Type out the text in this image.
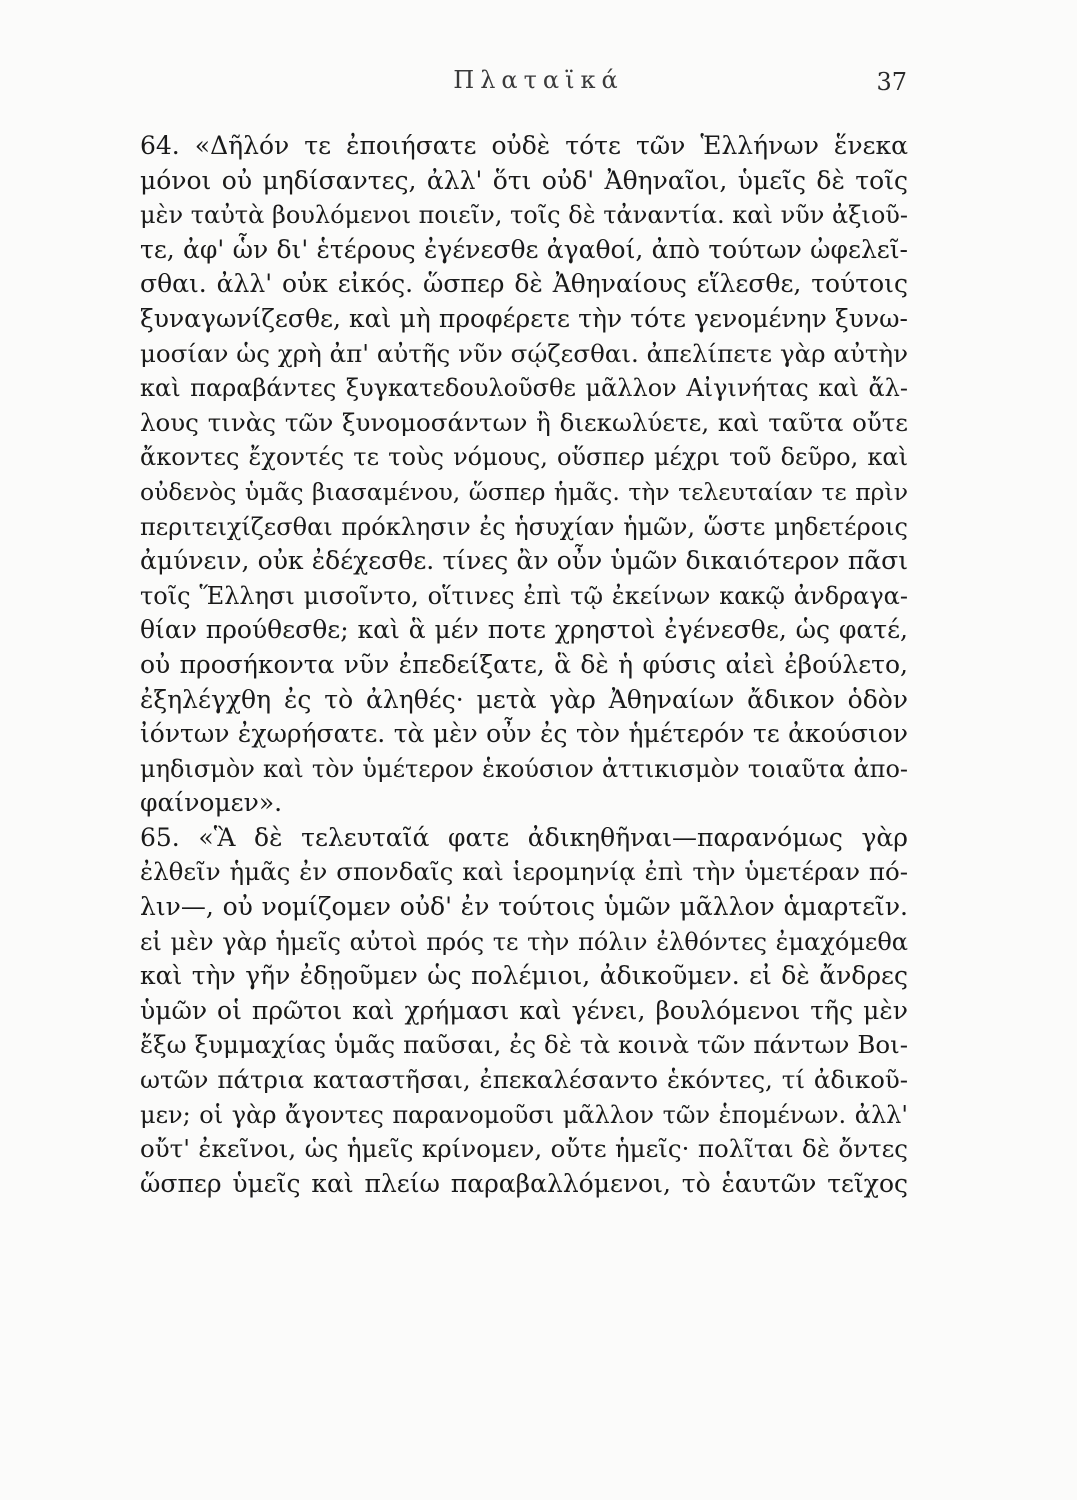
Πλαταϊκά	37
64. «Δῆλόν τε ἐποιήσατε οὐδὲ τότε τῶν Ἑλλήνων ἕνεκα
μόνοι οὐ μηδίσαντες, ἀλλ' ὅτι οὐδ' Ἀθηναῖοι, ὑμεῖς δὲ τοῖς
μὲν ταὐτὰ βουλόμενοι ποιεῖν, τοῖς δὲ τἀναντία. καὶ νῦν ἀξιοῦ-
τε, ἀφ' ὧν δι' ἑτέρους ἐγένεσθε ἀγαθοί, ἀπὸ τούτων ὠφελεῖ-
σθαι. ἀλλ' οὐκ εἰκός. ὥσπερ δὲ Ἀθηναίους εἵλεσθε, τούτοις
ξυναγωνίζεσθε, καὶ μὴ προφέρετε τὴν τότε γενομένην ξυνω-
μοσίαν ὡς χρὴ ἀπ' αὐτῆς νῦν σῴζεσθαι. ἀπελίπετε γὰρ αὐτὴν
καὶ παραβάντες ξυγκατεδουλοῦσθε μᾶλλον Αἰγινήτας καὶ ἄλ-
λους τινὰς τῶν ξυνομοσάντων ἢ διεκωλύετε, καὶ ταῦτα οὔτε
ἄκοντες ἔχοντές τε τοὺς νόμους, οὕσπερ μέχρι τοῦ δεῦρο, καὶ
οὐδενὸς ὑμᾶς βιασαμένου, ὥσπερ ἡμᾶς. τὴν τελευταίαν τε πρὶν
περιτειχίζεσθαι πρόκλησιν ἐς ἡσυχίαν ἡμῶν, ὥστε μηδετέροις
ἀμύνειν, οὐκ ἐδέχεσθε. τίνες ἂν οὖν ὑμῶν δικαιότερον πᾶσι
τοῖς Ἕλλησι μισοῖντο, οἵτινες ἐπὶ τῷ ἐκείνων κακῷ ἀνδραγα-
θίαν προύθεσθε; καὶ ἃ μέν ποτε χρηστοὶ ἐγένεσθε, ὡς φατέ,
οὐ προσήκοντα νῦν ἐπεδείξατε, ἃ δὲ ἡ φύσις αἰεὶ ἐβούλετο,
ἐξηλέγχθη ἐς τὸ ἀληθές· μετὰ γὰρ Ἀθηναίων ἄδικον ὁδὸν
ἰόντων ἐχωρήσατε. τὰ μὲν οὖν ἐς τὸν ἡμέτερόν τε ἀκούσιον
μηδισμὸν καὶ τὸν ὑμέτερον ἑκούσιον ἀττικισμὸν τοιαῦτα ἀπο-
φαίνομεν».
65. «Ἃ δὲ τελευταῖά φατε ἀδικηθῆναι—παρανόμως γὰρ
ἐλθεῖν ἡμᾶς ἐν σπονδαῖς καὶ ἱερομηνίᾳ ἐπὶ τὴν ὑμετέραν πό-
λιν—, οὐ νομίζομεν οὐδ' ἐν τούτοις ὑμῶν μᾶλλον ἁμαρτεῖν.
εἰ μὲν γὰρ ἡμεῖς αὐτοὶ πρός τε τὴν πόλιν ἐλθόντες ἐμαχόμεθα
καὶ τὴν γῆν ἐδῃοῦμεν ὡς πολέμιοι, ἀδικοῦμεν. εἰ δὲ ἄνδρες
ὑμῶν οἱ πρῶτοι καὶ χρήμασι καὶ γένει, βουλόμενοι τῆς μὲν
ἔξω ξυμμαχίας ὑμᾶς παῦσαι, ἐς δὲ τὰ κοινὰ τῶν πάντων Βοι-
ωτῶν πάτρια καταστῆσαι, ἐπεκαλέσαντο ἑκόντες, τί ἀδικοῦ-
μεν; οἱ γὰρ ἄγοντες παρανομοῦσι μᾶλλον τῶν ἑπομένων. ἀλλ'
οὔτ' ἐκεῖνοι, ὡς ἡμεῖς κρίνομεν, οὔτε ἡμεῖς· πολῖται δὲ ὄντες
ὥσπερ ὑμεῖς καὶ πλείω παραβαλλόμενοι, τὸ ἑαυτῶν τεῖχος
